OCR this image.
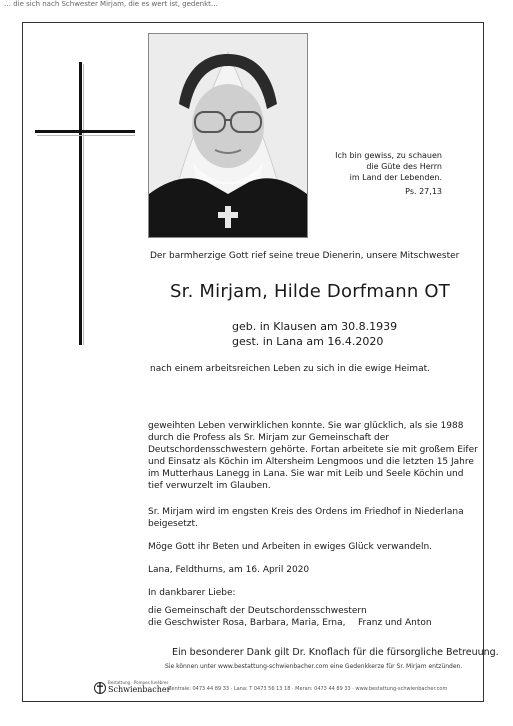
… die sich nach Schwester Mirjam, die es wert ist, gedenkt…
Ich bin gewiss, zu schauen
die Güte des Herrn
im Land der Lebenden.
Ps. 27,13
Der barmherzige Gott rief seine treue Dienerin, unsere Mitschwester
Sr. Mirjam, Hilde Dorfmann OT
geb. in Klausen am 30.8.1939
gest. in Lana am 16.4.2020
nach einem arbeitsreichen Leben zu sich in die ewige Heimat.
geweihten Leben verwirklichen konnte. Sie war glücklich, als sie 1988
durch die Profess als Sr. Mirjam zur Gemeinschaft der
Deutschordensschwestern gehörte. Fortan arbeitete sie mit großem Eifer
und Einsatz als Köchin im Altersheim Lengmoos und die letzten 15 Jahre
im Mutterhaus Lanegg in Lana. Sie war mit Leib und Seele Köchin und
tief verwurzelt im Glauben.
Sr. Mirjam wird im engsten Kreis des Ordens im Friedhof in Niederlana
beigesetzt.
Möge Gott ihr Beten und Arbeiten in ewiges Glück verwandeln.
Lana, Feldthurns, am 16. April 2020
In dankbarer Liebe:
die Gemeinschaft der Deutschordensschwestern
die Geschwister Rosa, Barbara, Maria, Erna, Franz und Anton
Ein besonderer Dank gilt Dr. Knoflach für die fürsorgliche Betreuung.
Sie können unter www.bestattung-schwienbacher.com eine Gedenkkerze für Sr. Mirjam entzünden.
Bestattung · Pompes funèbres
Schwienbacher
Zentrale: 0473 44 89 33 · Lana: T 0473 56 13 18 · Meran: 0473 44 89 33 · www.bestattung-schwienbacher.com
